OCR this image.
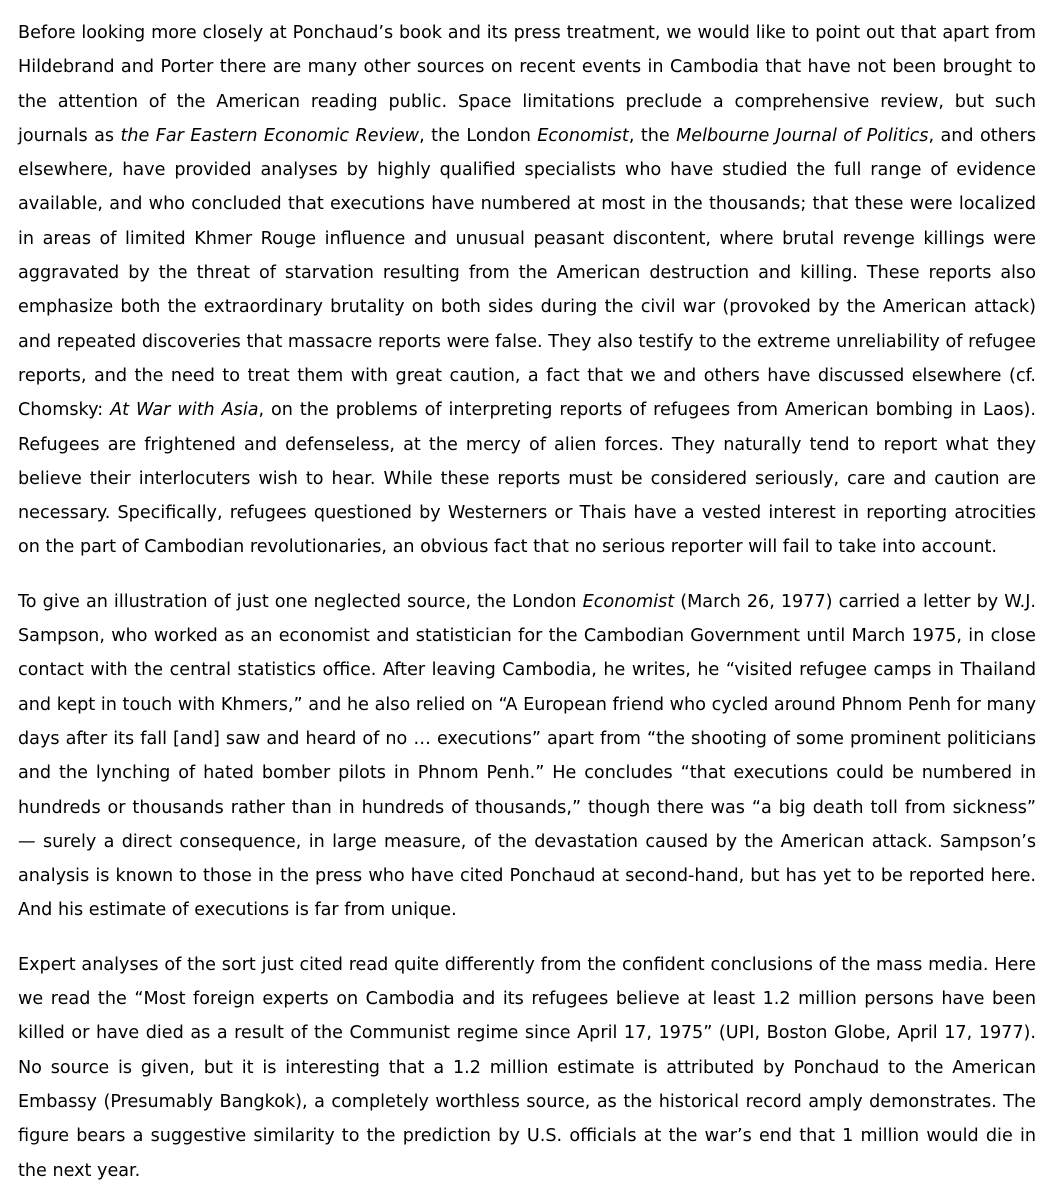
Before looking more closely at Ponchaud’s book and its press treatment, we would like to point out that apart from Hildebrand and Porter there are many other sources on recent events in Cambodia that have not been brought to the attention of the American reading public. Space limitations preclude a comprehensive review, but such journals as the Far Eastern Economic Review, the London Economist, the Melbourne Journal of Politics, and others elsewhere, have provided analyses by highly qualified specialists who have studied the full range of evidence available, and who concluded that executions have numbered at most in the thousands; that these were localized in areas of limited Khmer Rouge influence and unusual peasant discontent, where brutal revenge killings were aggravated by the threat of starvation resulting from the American destruction and killing. These reports also emphasize both the extraordinary brutality on both sides during the civil war (provoked by the American attack) and repeated discoveries that massacre reports were false. They also testify to the extreme unreliability of refugee reports, and the need to treat them with great caution, a fact that we and others have discussed elsewhere (cf. Chomsky: At War with Asia, on the problems of interpreting reports of refugees from American bombing in Laos). Refugees are frightened and defenseless, at the mercy of alien forces. They naturally tend to report what they believe their interlocuters wish to hear. While these reports must be considered seriously, care and caution are necessary. Specifically, refugees questioned by Westerners or Thais have a vested interest in reporting atrocities on the part of Cambodian revolutionaries, an obvious fact that no serious reporter will fail to take into account.

To give an illustration of just one neglected source, the London Economist (March 26, 1977) carried a letter by W.J. Sampson, who worked as an economist and statistician for the Cambodian Government until March 1975, in close contact with the central statistics office. After leaving Cambodia, he writes, he “visited refugee camps in Thailand and kept in touch with Khmers,” and he also relied on “A European friend who cycled around Phnom Penh for many days after its fall [and] saw and heard of no … executions” apart from “the shooting of some prominent politicians and the lynching of hated bomber pilots in Phnom Penh.” He concludes “that executions could be numbered in hundreds or thousands rather than in hundreds of thousands,” though there was “a big death toll from sickness” — surely a direct consequence, in large measure, of the devastation caused by the American attack. Sampson’s analysis is known to those in the press who have cited Ponchaud at second-hand, but has yet to be reported here. And his estimate of executions is far from unique.

Expert analyses of the sort just cited read quite differently from the confident conclusions of the mass media. Here we read the “Most foreign experts on Cambodia and its refugees believe at least 1.2 million persons have been killed or have died as a result of the Communist regime since April 17, 1975” (UPI, Boston Globe, April 17, 1977). No source is given, but it is interesting that a 1.2 million estimate is attributed by Ponchaud to the American Embassy (Presumably Bangkok), a completely worthless source, as the historical record amply demonstrates. The figure bears a suggestive similarity to the prediction by U.S. officials at the war’s end that 1 million would die in the next year.
